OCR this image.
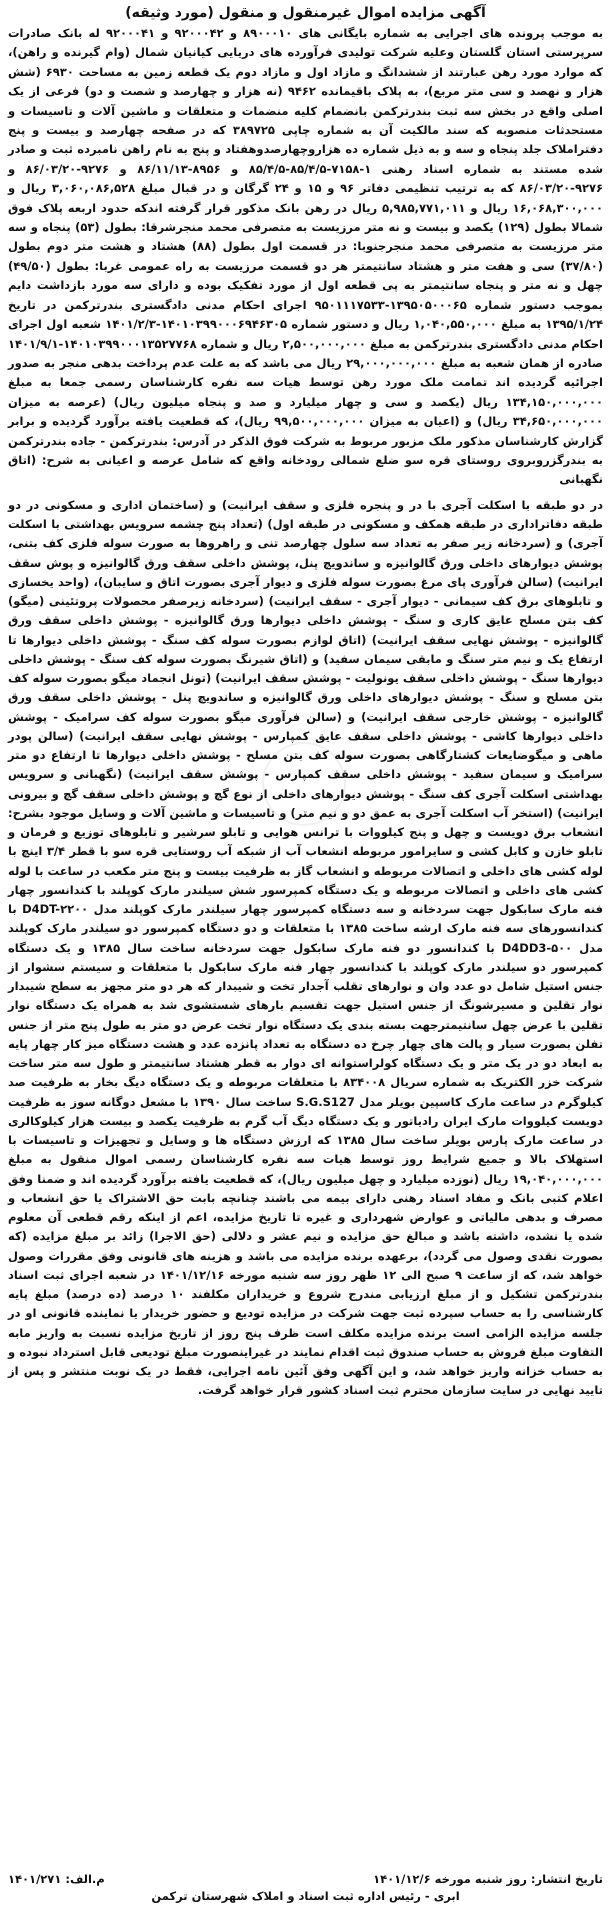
آگهی مزایده اموال غیرمنقول و منقول (مورد وثیقه)

به موجب پرونده های اجرایی به شماره بایگانی های ۸۹۰۰۰۱۰ و ۹۲۰۰۰۴۲ و ۹۲۰۰۰۴۱ له بانک صادرات سرپرستی استان گلستان وعلیه شرکت تولیدی فرآورده های دریایی کیانیان شمال (وام گیرنده و راهن)، که موارد مورد رهن عبارتند از ششدانگ و مازاد اول و مازاد دوم یک قطعه زمین به مساحت ۶۹۳۰ (شش هزار و نهصد و سی متر مربع)، به پلاک باقیمانده ۹۴۶۲ (نه هزار و چهارصد و شصت و دو) فرعی از یک اصلی واقع در بخش سه ثبت بندرترکمن بانضمام کلیه منضمات و متعلقات و ماشین آلات و تاسیسات و مستحدثات منصوبه که سند مالکیت آن به شماره چاپی ۳۸۹۷۲۵ که در صفحه چهارصد و بیست و پنج دفتراملاک جلد پنجاه و سه و به ذیل شماره ده هزاروچهارصدوهفتاد و پنج به نام راهن نامبرده ثبت و صادر شده مستند به شماره اسناد رهنی ۱-۷۱۵۸-۸۵/۴/۵-۸۵/۴/۵ و ۸۹۵۶-۸۶/۱۱/۱۳ و ۹۲۷۶-۸۶/۰۳/۲۰ و ۹۲۷۶-۸۶/۰۳/۲۰ که به ترتیب تنظیمی دفاتر ۹۶ و ۱۵ و ۲۴ گرگان و در قبال مبلغ ۳,۰۶۰,۰۸۶,۵۲۸ ریال و ۱۶,۰۶۸,۳۰۰,۰۰۰ ریال و ۵,۹۸۵,۷۷۱,۰۱۱ ریال در رهن بانک مذکور قرار گرفته اندکه حدود اربعه پلاک فوق شمالا بطول (۱۲۹) یکصد و بیست و نه متر مرزیست به متصرفی محمد منجرشرقا: بطول (۵۳) پنجاه و سه متر مرزیست به متصرفی محمد منجرجنوبا: در قسمت اول بطول (۸۸) هشتاد و هشت متر دوم بطول (۳۷/۸۰) سی و هفت متر و هشتاد سانتیمتر هر دو قسمت مرزیست به راه عمومی غربا: بطول (۴۹/۵۰) چهل و نه متر و پنجاه سانتیمتر به پی قطعه اول از مورد تفکیک بوده و دارای سه مورد بازداشت دایم بموجب دستور شماره ۱۳۹۵۰۵۰۰۰۶۵-۹۵۰۱۱۱۷۵۳۳ اجرای احکام مدنی دادگستری بندرترکمن در تاریخ ۱۳۹۵/۱/۲۴ به مبلغ ۱,۰۴۰,۵۵۰,۰۰۰ ریال و دستور شماره ۱۴۰۱۰۳۹۹۰۰۰۶۹۴۶۳۰۵-۱۴۰۱/۲/۳ شعبه اول اجرای احکام مدنی دادگستری بندرترکمن به مبلغ ۲,۵۰۰,۰۰۰,۰۰۰ ریال و شماره ۱۴۰۱۰۳۹۹۰۰۰۱۳۵۲۷۷۶۸-۱۴۰۱/۹/۱ صادره از همان شعبه به مبلغ ۲۹,۰۰۰,۰۰۰,۰۰۰ ریال می باشد که به علت عدم پرداخت بدهی منجر به صدور اجرائیه گردیده اند تمامت ملک مورد رهن توسط هیات سه نفره کارشناسان رسمی جمعا به مبلغ ۱۳۴,۱۵۰,۰۰۰,۰۰۰ ریال (یکصد و سی و چهار میلیارد و صد و پنجاه میلیون ریال) (عرصه به میزان ۳۴,۶۵۰,۰۰۰,۰۰۰ ریال) و (اعیان به میزان ۹۹,۵۰۰,۰۰۰,۰۰۰ ریال)، که قطعیت یافته برآورد گردیده و برابر گزارش کارشناسان مذکور ملک مزبور مربوط به شرکت فوق الذکر در آدرس: بندرترکمن - جاده بندرترکمن به بندرگزروبروی روستای قره سو ضلع شمالی رودخانه واقع که شامل عرصه و اعیانی به شرح: (اتاق نگهبانی

در دو طبقه با اسکلت آجری با در و پنجره فلزی و سقف ایرانیت) و (ساختمان اداری و مسکونی در دو طبقه دفاتراداری در طبقه همکف و مسکونی در طبقه اول) (تعداد پنج چشمه سرویس بهداشتی با اسکلت آجری) و (سردخانه زیر صفر به تعداد سه سلول چهارصد تنی و راهروها به صورت سوله فلزی کف بتنی، پوشش دیوارهای داخلی ورق گالوانیزه و ساندویچ پنل، پوشش داخلی سقف ورق گالوانیزه و پوش سقف ایرانیت) (سالن فرآوری پای مرغ بصورت سوله فلزی و دیوار آجری بصورت اتاق و سایبان)، (واحد یخسازی و تابلوهای برق کف سیمانی - دیوار آجری - سقف ایرانیت) (سردخانه زیرصفر محصولات پروتئینی (میگو) کف بتن مسلح عایق کاری و سنگ - پوشش داخلی دیوارها ورق گالوانیزه - پوشش داخلی سقف ورق گالوانیزه - پوشش نهایی سقف ایرانیت) (اتاق لوازم بصورت سوله کف سنگ - پوشش داخلی دیوارها تا ارتفاع یک و نیم متر سنگ و مابقی سیمان سفید) و (اتاق شیرنگ بصورت سوله کف سنگ - پوشش داخلی دیوارها سنگ - پوشش داخلی سقف یونولیت - پوشش سقف ایرانیت) (تونل انجماد میگو بصورت سوله کف بتن مسلح و سنگ - پوشش دیوارهای داخلی ورق گالوانیزه و ساندویچ پنل - پوشش داخلی سقف ورق گالوانیزه - پوشش خارجی سقف ایرانیت) و (سالن فرآوری میگو بصورت سوله کف سرامیک - پوشش داخلی دیوارها کاشی - پوشش داخلی سقف عایق کمپارس - پوشش نهایی سقف ایرانیت) (سالن پودر ماهی و میگوضایعات کشتارگاهی بصورت سوله کف بتن مسلح - پوشش داخلی دیوارها تا ارتفاع دو متر سرامیک و سیمان سفید - پوشش داخلی سقف کمپارس - پوشش سقف ایرانیت) (نگهبانی و سرویس بهداشتی اسکلت آجری کف سنگ - پوشش دیوارهای داخلی از نوع گچ و پوشش داخلی سقف گچ و بیرونی ایرانیت) (استخر آب اسکلت آجری به عمق دو و نیم متر) و تاسیسات و ماشین آلات و وسایل موجود بشرح: انشعاب برق دویست و چهل و پنج کیلووات با ترانس هوایی و تابلو سرشیر و تابلوهای توزیع و فرمان و تابلو خازن و کابل کشی و سایرامور مربوطه انشعاب آب از شبکه آب روستایی قره سو با قطر ۳/۴ اینچ با لوله کشی های داخلی و اتصالات مربوطه و انشعاب گاز به ظرفیت بیست و پنج متر مکعب در ساعت با لوله کشی های داخلی و اتصالات مربوطه و یک دستگاه کمپرسور شش سیلندر مارک کوپلند با کندانسور چهار فنه مارک سابکول جهت سردخانه و سه دستگاه کمپرسور چهار سیلندر مارک کوپلند مدل D4DT-۲۲۰۰ با کندانسورهای سه فنه مارک ارشه ساخت ۱۳۸۵ با متعلقات و دو دستگاه کمپرسور دو سیلندر مارک کوپلند مدل D4DD3-۵۰۰ با کندانسور دو فنه مارک سابکول جهت سردخانه ساخت سال ۱۳۸۵ و یک دستگاه کمپرسور دو سیلندر مارک کوپلند با کندانسور چهار فنه مارک سابکول با متعلقات و سیستم سشوار از جنس استیل شامل دو عدد وان و نوارهای تقلب آجدار تخت و شیبدار که هر دو متر مجهز به سطح شیبدار نوار تقلین و مسیرشونگ از جنس استیل جهت تقسیم بارهای شستشوی شد به همراه یک دستگاه نوار تقلین با عرض چهل سانتیمترجهت بسته بندی یک دستگاه نوار تخت عرض دو متر به طول پنج متر از جنس تفلن بصورت سیار و پالت های چهار چرخ ده دستگاه به تعداد پانزده عدد و هشت دستگاه میز کار چهار پایه به ابعاد دو در یک متر و یک دستگاه کولراستوانه ای دوار به قطر هشتاد سانتیمتر و طول سه متر ساخت شرکت خزر الکتریک به شماره سریال ۸۳۴۰۰۸ با متعلقات مربوطه و یک دستگاه دیگ بخار به ظرفیت صد کیلوگرم در ساعت مارک کاسپین بویلر مدل S.G.S127 ساخت سال ۱۳۹۰ با مشعل دوگانه سوز به ظرفیت دویست کیلووات مارک ایران رادیاتور و یک دستگاه دیگ آب گرم به ظرفیت یکصد و بیست هزار کیلوکالری در ساعت مارک پارس بویلر ساخت سال ۱۳۸۵ که ارزش دستگاه ها و وسایل و تجهیزات و تاسیسات با استهلاک بالا و جمیع شرایط روز توسط هیات سه نفره کارشناسان رسمی اموال منقول به مبلغ ۱۹,۰۴۰,۰۰۰,۰۰۰ ریال (نوزده میلیارد و چهل میلیون ریال)، که قطعیت یافته برآورد گردیده اند و ضمنا وفق اعلام کتبی بانک و مفاد اسناد رهنی دارای بیمه می باشند چنانچه بابت حق الاشتراک یا حق انشعاب و مصرف و بدهی مالیاتی و عوارض شهرداری و غیره تا تاریخ مزایده، اعم از اینکه رقم قطعی آن معلوم شده یا نشده، داشته باشد و مبالغ حق مزایده و نیم عشر و دلالی (حق الاجرا) زائد بر مبلغ مزایده (که بصورت نقدی وصول می گردد)، برعهده برنده مزایده می باشد و هزینه های قانونی وفق مقررات وصول خواهد شد، که از ساعت ۹ صبح الی ۱۲ ظهر روز سه شنبه مورخه ۱۴۰۱/۱۲/۱۶ در شعبه اجرای ثبت اسناد بندرترکمن تشکیل و از مبلغ ارزیابی مندرج شروع و خریداران مکلفند ۱۰ درصد (ده درصد) مبلغ پایه کارشناسی را به حساب سپرده ثبت جهت شرکت در مزایده تودیع و حضور خریدار یا نماینده قانونی او در جلسه مزایده الزامی است برنده مزایده مکلف است ظرف پنج روز از تاریخ مزایده نسبت به واریز مابه التفاوت مبلغ فروش به حساب صندوق ثبت اقدام نمایند در غیراینصورت مبلغ تودیعی قابل استرداد نبوده و به حساب خزانه واریز خواهد شد، و این آگهی وفق آئین نامه اجرایی، فقط در یک نوبت منتشر و پس از تایید نهایی در سایت سازمان محترم ثبت اسناد کشور قرار خواهد گرفت.

تاریخ انتشار: روز شنبه مورخه ۱۴۰۱/۱۲/۶
م.الف: ۱۴۰۱/۲۷۱
ابری - رئیس اداره ثبت اسناد و املاک شهرستان ترکمن
